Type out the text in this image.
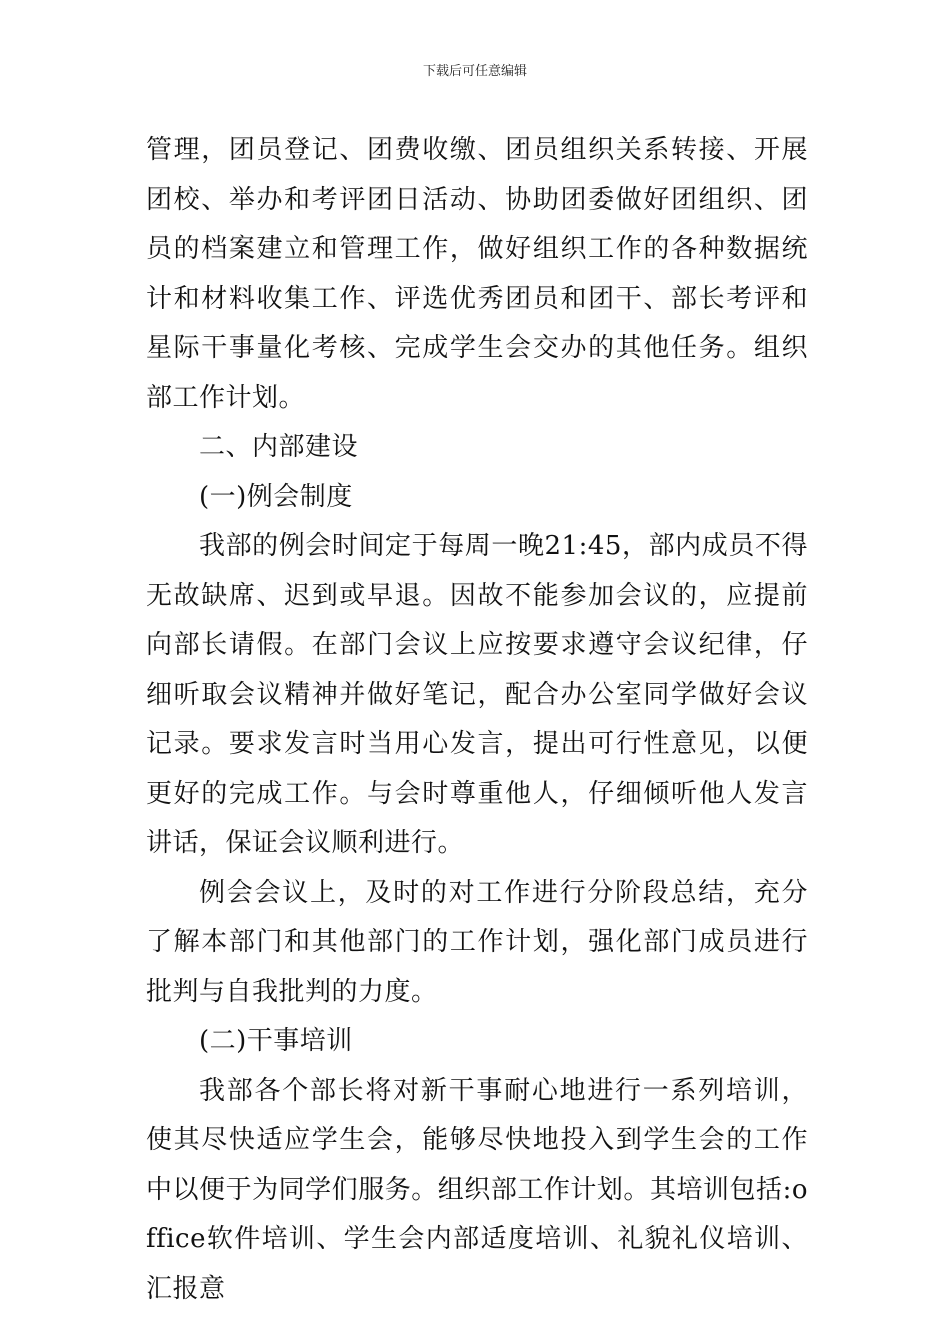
下载后可任意编辑

管理，团员登记、团费收缴、团员组织关系转接、开展团校、举办和考评团日活动、协助团委做好团组织、团员的档案建立和管理工作，做好组织工作的各种数据统计和材料收集工作、评选优秀团员和团干、部长考评和星际干事量化考核、完成学生会交办的其他任务。组织部工作计划。

二、内部建设

(一)例会制度

我部的例会时间定于每周一晚21:45，部内成员不得无故缺席、迟到或早退。因故不能参加会议的，应提前向部长请假。在部门会议上应按要求遵守会议纪律，仔细听取会议精神并做好笔记，配合办公室同学做好会议记录。要求发言时当用心发言，提出可行性意见，以便更好的完成工作。与会时尊重他人，仔细倾听他人发言讲话，保证会议顺利进行。

例会会议上，及时的对工作进行分阶段总结，充分了解本部门和其他部门的工作计划，强化部门成员进行批判与自我批判的力度。

(二)干事培训

我部各个部长将对新干事耐心地进行一系列培训，使其尽快适应学生会，能够尽快地投入到学生会的工作中以便于为同学们服务。组织部工作计划。其培训包括:office软件培训、学生会内部适度培训、礼貌礼仪培训、汇报意
